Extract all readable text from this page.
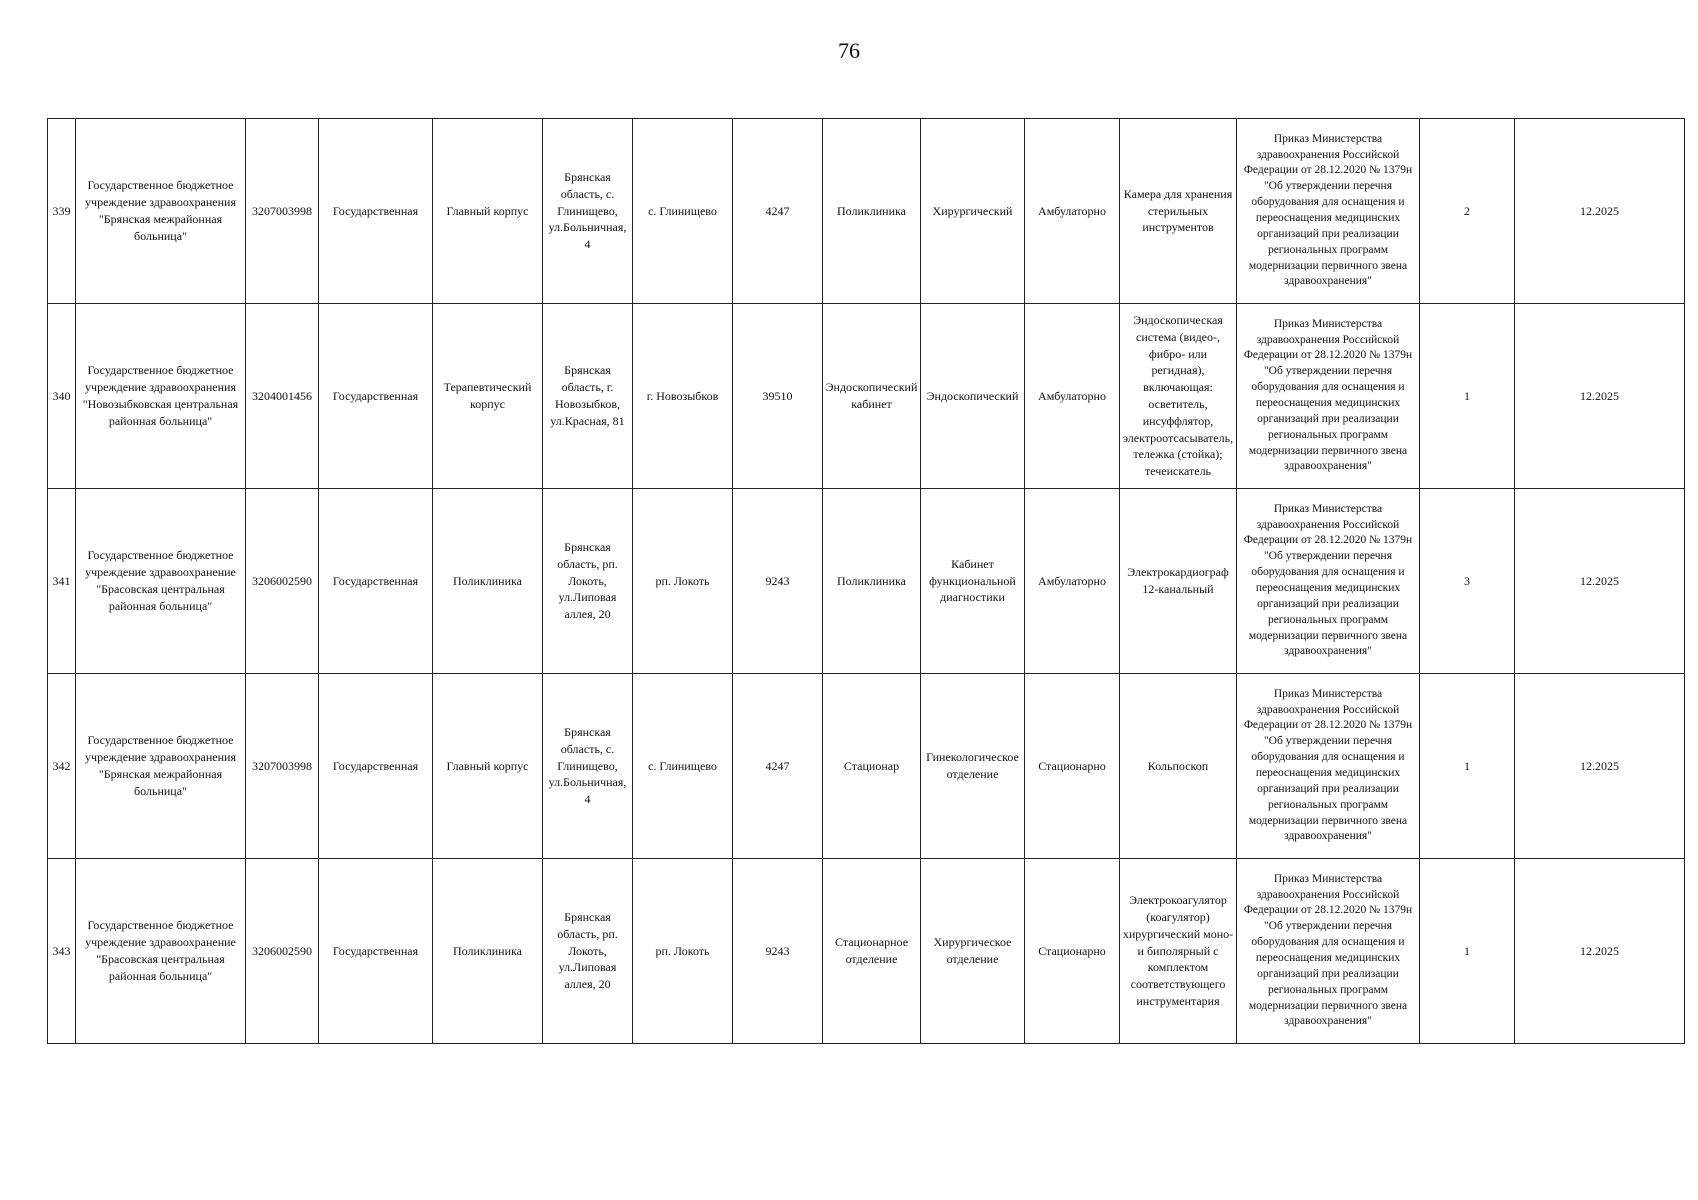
76
339	Государственное бюджетное учреждение здравоохранения "Брянская межрайонная больница"	3207003998	Государственная	Главный корпус	Брянская область, с. Глинищево, ул.Больничная, 4	с. Глинищево	4247	Поликлиника	Хирургический	Амбулаторно	Камера для хранения стерильных инструментов	Приказ Министерства здравоохранения Российской Федерации от 28.12.2020 № 1379н "Об утверждении перечня оборудования для оснащения и переоснащения медицинских организаций при реализации региональных программ модернизации первичного звена здравоохранения"	2	12.2025
340	Государственное бюджетное учреждение здравоохранения "Новозыбковская центральная районная больница"	3204001456	Государственная	Терапевтический корпус	Брянская область, г. Новозыбков, ул.Красная, 81	г. Новозыбков	39510	Эндоскопический кабинет	Эндоскопический	Амбулаторно	Эндоскопическая система (видео-, фибро- или регидная), включающая: осветитель, инсуффлятор, электроотсасыватель, тележка (стойка); течеискатель	Приказ Министерства здравоохранения Российской Федерации от 28.12.2020 № 1379н "Об утверждении перечня оборудования для оснащения и переоснащения медицинских организаций при реализации региональных программ модернизации первичного звена здравоохранения"	1	12.2025
341	Государственное бюджетное учреждение здравоохранение "Брасовская центральная районная больница"	3206002590	Государственная	Поликлиника	Брянская область, рп. Локоть, ул.Липовая аллея, 20	рп. Локоть	9243	Поликлиника	Кабинет функциональной диагностики	Амбулаторно	Электрокардиограф 12-канальный	Приказ Министерства здравоохранения Российской Федерации от 28.12.2020 № 1379н "Об утверждении перечня оборудования для оснащения и переоснащения медицинских организаций при реализации региональных программ модернизации первичного звена здравоохранения"	3	12.2025
342	Государственное бюджетное учреждение здравоохранения "Брянская межрайонная больница"	3207003998	Государственная	Главный корпус	Брянская область, с. Глинищево, ул.Больничная, 4	с. Глинищево	4247	Стационар	Гинекологическое отделение	Стационарно	Кольпоскоп	Приказ Министерства здравоохранения Российской Федерации от 28.12.2020 № 1379н "Об утверждении перечня оборудования для оснащения и переоснащения медицинских организаций при реализации региональных программ модернизации первичного звена здравоохранения"	1	12.2025
343	Государственное бюджетное учреждение здравоохранение "Брасовская центральная районная больница"	3206002590	Государственная	Поликлиника	Брянская область, рп. Локоть, ул.Липовая аллея, 20	рп. Локоть	9243	Стационарное отделение	Хирургическое отделение	Стационарно	Электрокоагулятор (коагулятор) хирургический моно- и биполярный с комплектом соответствующего инструментария	Приказ Министерства здравоохранения Российской Федерации от 28.12.2020 № 1379н "Об утверждении перечня оборудования для оснащения и переоснащения медицинских организаций при реализации региональных программ модернизации первичного звена здравоохранения"	1	12.2025
